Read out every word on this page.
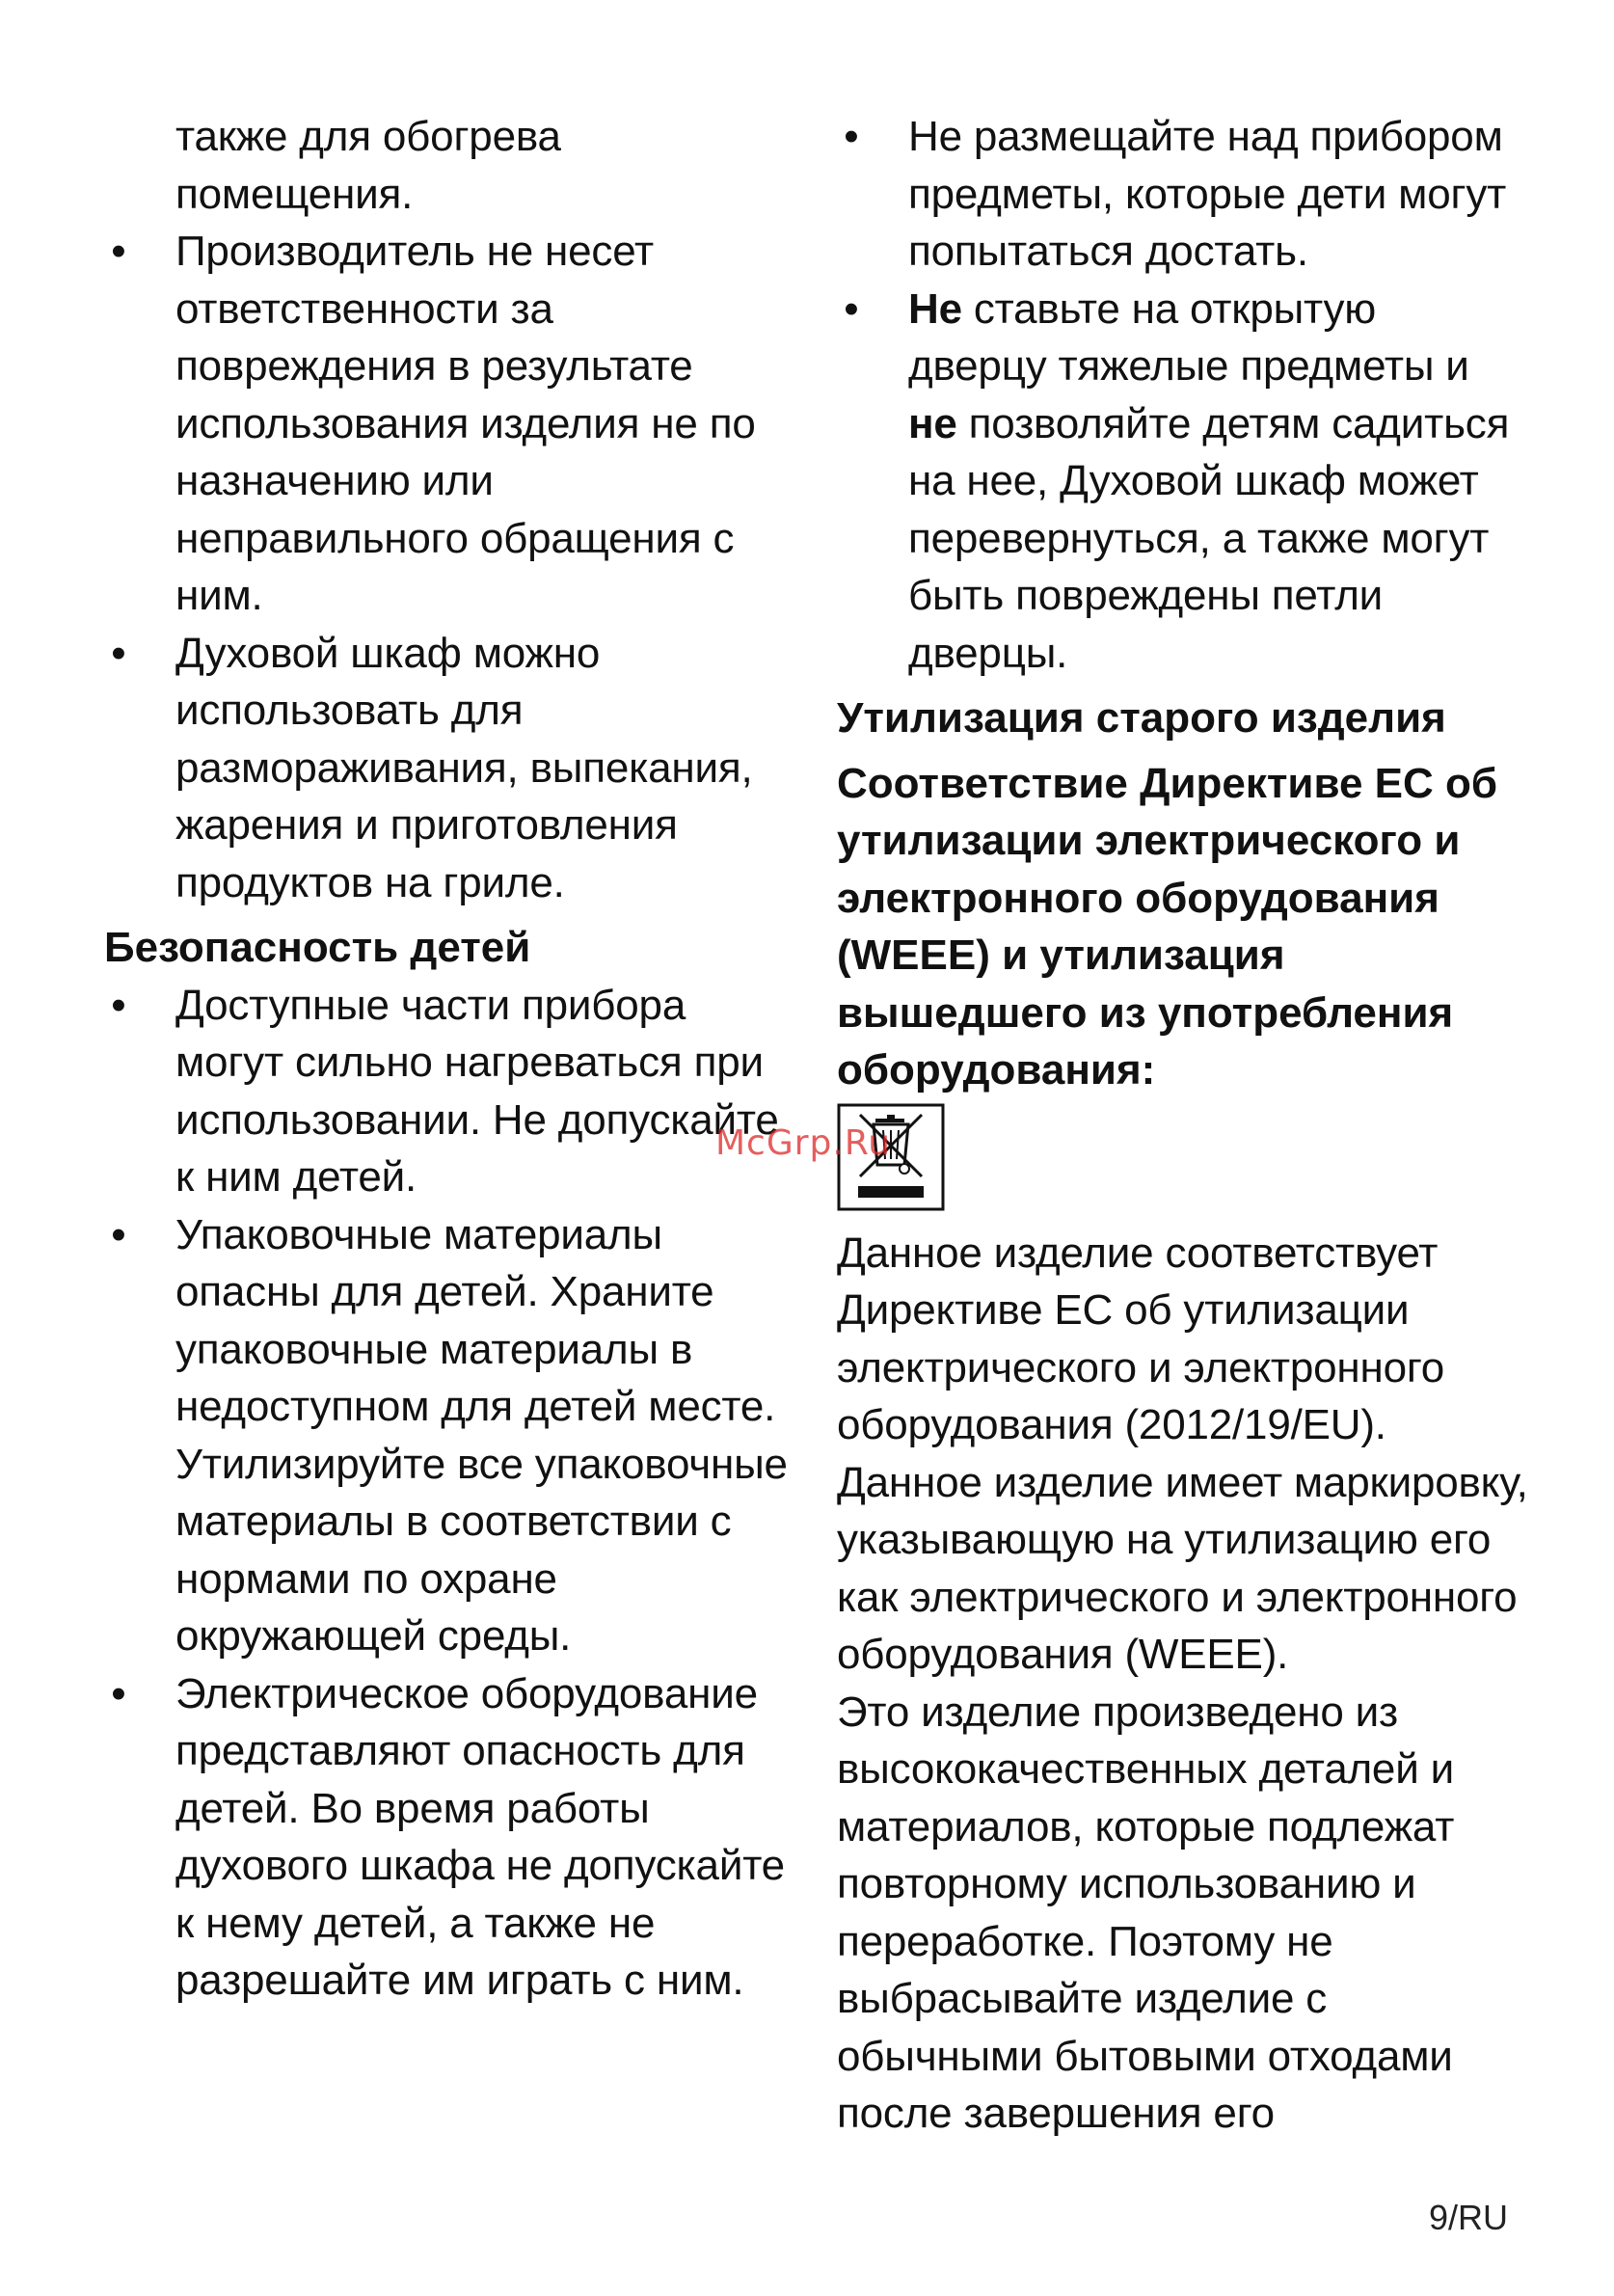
также для обогрева
помещения.
•	Производитель не несет
ответственности за
повреждения в результате
использования изделия не по
назначению или
неправильного обращения с
ним.
•	Духовой шкаф можно
использовать для
размораживания, выпекания,
жарения и приготовления
продуктов на гриле.
Безопасность детей
•	Доступные части прибора
могут сильно нагреваться при
использовании. Не допускайте
к ним детей.
•	Упаковочные материалы
опасны для детей. Храните
упаковочные материалы в
недоступном для детей месте.
Утилизируйте все упаковочные
материалы в соответствии с
нормами по охране
окружающей среды.
•	Электрическое оборудование
представляют опасность для
детей. Во время работы
духового шкафа не допускайте
к нему детей, а также не
разрешайте им играть с ним.
•	Не размещайте над прибором
предметы, которые дети могут
попытаться достать.
•	Не ставьте на открытую
дверцу тяжелые предметы и
не позволяйте детям садиться
на нее, Духовой шкаф может
перевернуться, а также могут
быть повреждены петли
дверцы.
Утилизация старого изделия
Соответствие Директиве ЕС об
утилизации электрического и
электронного оборудования
(WEEE) и утилизация
вышедшего из употребления
оборудования:
Данное изделие соответствует
Директиве ЕС об утилизации
электрического и электронного
оборудования (2012/19/EU).
Данное изделие имеет маркировку,
указывающую на утилизацию его
как электрического и электронного
оборудования (WEEE).
Это изделие произведено из
высококачественных деталей и
материалов, которые подлежат
повторному использованию и
переработке. Поэтому не
выбрасывайте изделие с
обычными бытовыми отходами
после завершения его
McGrp.Ru
9/RU
